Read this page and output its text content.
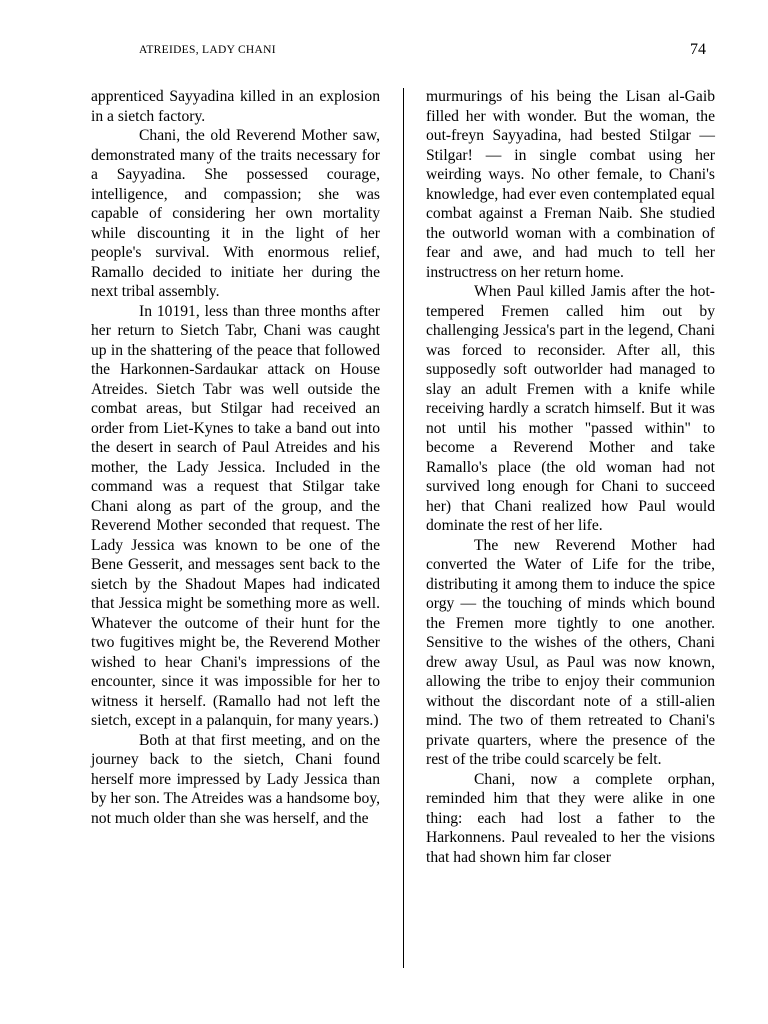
ATREIDES, LADY CHANI	74

apprenticed Sayyadina killed in an explosion in a sietch factory.

Chani, the old Reverend Mother saw, demonstrated many of the traits necessary for a Sayyadina. She possessed courage, intelligence, and compassion; she was capable of considering her own mortality while discounting it in the light of her people's survival. With enormous relief, Ramallo decided to initiate her during the next tribal assembly.

In 10191, less than three months after her return to Sietch Tabr, Chani was caught up in the shattering of the peace that followed the Harkonnen-Sardaukar attack on House Atreides. Sietch Tabr was well outside the combat areas, but Stilgar had received an order from Liet-Kynes to take a band out into the desert in search of Paul Atreides and his mother, the Lady Jessica. Included in the command was a request that Stilgar take Chani along as part of the group, and the Reverend Mother seconded that request. The Lady Jessica was known to be one of the Bene Gesserit, and messages sent back to the sietch by the Shadout Mapes had indicated that Jessica might be something more as well. Whatever the outcome of their hunt for the two fugitives might be, the Reverend Mother wished to hear Chani's impressions of the encounter, since it was impossible for her to witness it herself. (Ramallo had not left the sietch, except in a palanquin, for many years.)

Both at that first meeting, and on the journey back to the sietch, Chani found herself more impressed by Lady Jessica than by her son. The Atreides was a handsome boy, not much older than she was herself, and the

murmurings of his being the Lisan al-Gaib filled her with wonder. But the woman, the out-freyn Sayyadina, had bested Stilgar — Stilgar! — in single combat using her weirding ways. No other female, to Chani's knowledge, had ever even contemplated equal combat against a Freman Naib. She studied the outworld woman with a combination of fear and awe, and had much to tell her instructress on her return home.

When Paul killed Jamis after the hot-tempered Fremen called him out by challenging Jessica's part in the legend, Chani was forced to reconsider. After all, this supposedly soft outworlder had managed to slay an adult Fremen with a knife while receiving hardly a scratch himself. But it was not until his mother "passed within" to become a Reverend Mother and take Ramallo's place (the old woman had not survived long enough for Chani to succeed her) that Chani realized how Paul would dominate the rest of her life.

The new Reverend Mother had converted the Water of Life for the tribe, distributing it among them to induce the spice orgy — the touching of minds which bound the Fremen more tightly to one another. Sensitive to the wishes of the others, Chani drew away Usul, as Paul was now known, allowing the tribe to enjoy their communion without the discordant note of a still-alien mind. The two of them retreated to Chani's private quarters, where the presence of the rest of the tribe could scarcely be felt.

Chani, now a complete orphan, reminded him that they were alike in one thing: each had lost a father to the Harkonnens. Paul revealed to her the visions that had shown him far closer
